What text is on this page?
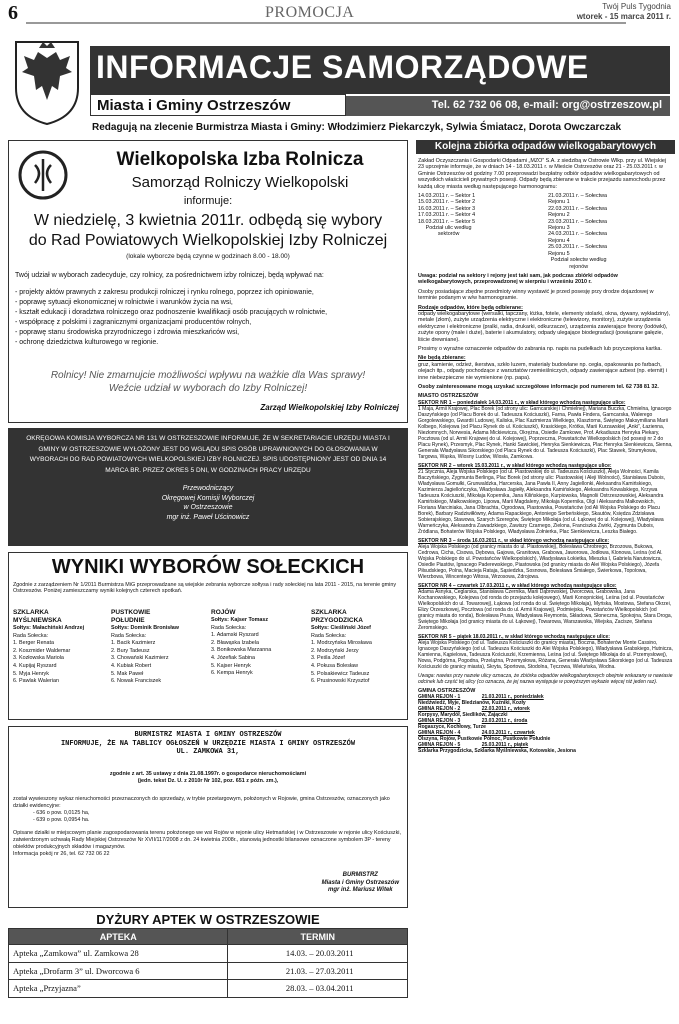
6	PROMOCJA	Twój Puls Tygodnia
wtorek - 15 marca 2011 r.
INFORMACJE SAMORZĄDOWE
Miasta i Gminy Ostrzeszów	Tel. 62 732 06 08, e-mail: org@ostrzeszow.pl
Redagują na zlecenie Burmistrza Miasta i Gminy: Włodzimierz Piekarczyk, Sylwia Śmiatacz, Dorota Owczarczak
Wielkopolska Izba Rolnicza
Samorząd Rolniczy Wielkopolski
informuje:
W niedzielę, 3 kwietnia 2011r. odbędą się wybory
do Rad Powiatowych Wielkopolskiej Izby Rolniczej
(lokale wyborcze będą czynne w godzinach 8.00 - 18.00)
Twój udział w wyborach zadecyduje, czy rolnicy, za pośrednictwem izby rolniczej, będą wpływać na:
- projekty aktów prawnych z zakresu produkcji rolniczej i rynku rolnego, poprzez ich opiniowanie,
- poprawę sytuacji ekonomicznej w rolnictwie i warunków życia na wsi,
- kształt edukacji i doradztwa rolniczego oraz podnoszenie kwalifikacji osób pracujących w rolnictwie,
- współpracę z polskimi i zagranicznymi organizacjami producentów rolnych,
- poprawę stanu środowiska przyrodniczego i zdrowia mieszkańców wsi,
- ochronę dziedzictwa kulturowego w regionie.
Rolnicy! Nie zmarnujcie możliwości wpływu na ważkie dla Was sprawy!
Weźcie udział w wyborach do Izby Rolniczej!
Zarząd Wielkopolskiej Izby Rolniczej
OKRĘGOWA KOMISJA WYBORCZA NR 131 W OSTRZESZOWIE INFORMUJE, ŻE W SEKRETARIACIE URZĘDU MIASTA I GMINY W OSTRZESZOWIE WYŁOŻONY JEST DO WGLĄDU SPIS OSÓB UPRAWNIONYCH DO GŁOSOWANIA W WYBORACH DO RAD POWIATOWYCH WIELKOPOLSKIEJ IZBY ROLNICZEJ. SPIS UDOSTĘPNIONY JEST OD DNIA 14 MARCA BR. PRZEZ OKRES 5 DNI, W GODZINACH PRACY URZĘDU
Przewodniczący
Okręgowej Komisji Wyborczej
w Ostrzeszowie
mgr inż. Paweł Uścinowicz
WYNIKI WYBORÓW SOŁECKICH
Zgodnie z zarządzeniem Nr 1/2011 Burmistrza MiG przeprowadzane są wiejskie zebrania wyborcze sołtysa i rady sołeckiej na lata 2011 - 2015, na terenie gminy Ostrzeszów. Poniżej zamieszczamy wyniki kolejnych czterech spotkań.
SZKLARKA
MYŚLNIEWSKA
Sołtys: Małachiński Andrzej
Rada Sołecka:
1. Berger Renata
2. Koszmider Waldemar
3. Kozłowska Mariola
4. Kupijaj Ryszard
5. Myja Henryk
6. Pawlak Walerian
PUSTKOWIE
POŁUDNIE
Sołtys: Dominik Bronisław
Rada Sołecka:
1. Bacik Kazimierz
2. Bury Tadeusz
3. Chowański Kazimierz
4. Kubiak Robert
5. Mak Paweł
6. Nowak Franciszek
ROJÓW
Sołtys: Kajser Tomasz
Rada Sołecka:
1. Adamski Ryszard
2. Bławąska Izabela
3. Bonikowska Marzanna
4. Józefiak Sabina
5. Kajser Henryk
6. Kempa Henryk
SZKLARKA
PRZYGODZICKA
Sołtys: Cieśliński Józef
Rada Sołecka:
1. Modrzyńska Mirosława
2. Modrzyński Jerzy
3. Peśla Józef
4. Pokusa Bolesław
5. Polsakiewicz Tadeusz
6. Prusinowski Krzysztof
BURMISTRZ MIASTA I GMINY OSTRZESZÓW
INFORMUJE, ŻE NA TABLICY OGŁOSZEŃ W URZĘDZIE MIASTA I GMINY OSTRZESZÓW
UL. ZAMKOWA 31,
zgodnie z art. 35 ustawy z dnia 21.08.1997r. o gospodarce nieruchomościami
(jedn. tekst Dz. U. z 2010r Nr 102, poz. 651 z późn. zm.),
został wywieszony wykaz nieruchomości przeznaczonych do sprzedaży, w trybie przetargowym, położonych w Rojowie, gmina Ostrzeszów, oznaczonych jako działki ewidencyjne:
- 636 o pow. 0,0125 ha,
- 639 o pow. 0,0954 ha.
Opisane działki w miejscowym planie zagospodarowania terenu położonego we wsi Rojów w rejonie ulicy Hetmańskiej i w Ostrzeszowie w rejonie ulicy Kościuszki, zatwierdzonym uchwałą Rady Miejskiej Ostrzeszów Nr XVII/117/2008 z dn. 24 kwietnia 2008r., stanowią jednostki bilansowe oznaczone symbolem 3P - tereny obiektów produkcyjnych składów i magazynów.
Informacja pokój nr 26, tel. 62 732 06 22
BURMISTRZ
Miasta i Gminy Ostrzeszów
mgr inż. Mariusz Witek
DYŻURY APTEK W OSTRZESZOWIE
APTEKA	TERMIN
Apteka „Zamkowa” ul. Zamkowa 28	14.03. – 20.03.2011
Apteka „Drofarm 3” ul. Dworcowa 6	21.03. – 27.03.2011
Apteka „Przyjazna”	28.03. – 03.04.2011
Kolejna zbiórka odpadów wielkogabarytowych

Zakład Oczyszczania i Gospodarki Odpadami „MZO” S.A. z siedzibą w Ostrowie Wlkp. przy ul. Wiejskiej 23 uprzejmie informuje, że w dniach 14 - 18.03.2011 r. w Mieście Ostrzeszów oraz 21 - 25.03.2011 r. w Gminie Ostrzeszów od godziny 7.00 przeprowadzi bezpłatny odbiór odpadów wielkogabarytowych od wszystkich właścicieli prywatnych posesji. Odpady będą zbierane w trakcie przejazdu samochodu przez każdą ulicę miasta według następującego harmonogramu:

14.03.2011 r. – Sektor 1
15.03.2011 r. – Sektor 2
16.03.2011 r. – Sektor 3
17.03.2011 r. – Sektor 4
18.03.2011 r. – Sektor 5
Podział ulic według sektorów
21.03.2011 r. – Sołectwa Rejonu 1
22.03.2011 r. – Sołectwa Rejonu 2
23.03.2011 r. – Sołectwa Rejonu 3
24.03.2011 r. – Sołectwa Rejonu 4
25.03.2011 r. – Sołectwa Rejonu 5
Podział sołectw według rejonów

Uwaga: podział na sektory i rejony jest taki sam, jak podczas zbiórki odpadów wielkogabarytowych, przeprowadzonej w sierpniu i wrześniu 2010 r.

Osoby posiadające zbędne przedmioty winny wystawić je przed posesję przy drodze dojazdowej w terminie podanym w w/w harmonogramie.

Rodzaje odpadów, które będą odbierane:

odpady wielkogabarytowe (wersalki, tapczany, łóżka, fotele, elementy stolarki, okna, dywany, wykładziny), metale (złom), zużyte urządzenia elektryczne i elektroniczne (telewizory, monitory), zużyte urządzenia elektryczne i elektroniczne (pralki, radia, drukarki, odkurzacze), urządzenia zawierające freony (lodówki), zużyte opony (małe i duże), baterie i akumulatory, odpady ulegające biodegradacji (powiązane gałęzie, liście drewniane).

Prosimy o wyraźne oznaczenie odpadów do zabrania np. napis na pudełkach lub przyczepiona kartka.

Nie będą zbierane:

gruz, kamienie, odzież, ikerstwa, szkło luzem, materiały budowlane np. cegła, opakowania po farbach, olejach itp., odpady pochodzące z warsztatów rzemieślniczych, odpady zawierające azbest (np. eternit) i inne niebezpieczne nie wymienione (np. papa).

Osoby zainteresowane mogą uzyskać szczegółowe informacje pod numerem tel. 62 738 81 32.

MIASTO OSTRZESZÓW
SEKTOR NR 1 – poniedziałek 14.03.2011 r., w skład którego wchodzą następujące ulice:

1 Maja, Armii Krajowej, Plac Borek (od strony ulic: Garncarskiej i Chmielnej), Mariana Buczka, Chmielna, Ignacego Daszyńskiego (od Placu Borek do ul. Tadeusza Kościuszki), Farna, Pawła Findera, Garncarska, Walerego Gorgolewskiego, Gwardii Ludowej, Kaliska, Plac Kazimierza Wielkiego, Klasztorna, Świętego Maksymiliana Marii Kolbego, Kolejowa (od Placu Rynek do ul. Kościuszki), Krasickiego, Krótka, Marii Kurzawskiej „Anki”, Łazienna, Niezłomnych, Norwesia, Adama Mickiewicza, Okrężna, Osiedle Zamkowe, Prof. Arkadiusza Henryka Piekary, Pocztowa (od ul. Armii Krajowej do ul. Kolejowej), Poprzeczna, Powstańców Wielkopolskich (od posesji nr 2 do Placu Rynek), Przesmyk, Plac Rynek, Hanki Sawickiej, Henryka Sienkiewicza, Plac Henryka Sienkiewicza, Sienna, Generała Władysława Sikorskiego (od Placu Rynek do ul. Tadeusza Kościuszki), Plac Stawek, Strumykowa, Targowa, Wąska, Wiosny Ludów, Wiosła, Zamkowa.

SEKTOR NR 2 – wtorek 15.03.2011 r., w skład którego wchodzą następujące ulice:

21 Stycznia, Aleja Wojska Polskiego (od ul. Piastowskiej do ul. Tadeusza Kościuszki), Aleja Wolności, Kamila Baczyńskiego, Zygmunta Berlinga, Plac Borek (od strony ulic: Piastowskiej i Aleji Wolności), Stanisława Dubois, Władysława Gomułki, Grunwaldzka, Harcerska, Jana Pawła II, Anny Jagiellonki, Aleksandra Kamińskiego, Kazimierza Jagiellończyka, Władysława Jagiełły, Aleksandra Kamińskiego, Aleksandra Kowalskiego, Krzywa Tadeusza Kościuszki, Mikołaja Kopernika, Jana Kilińskiego, Kurpiowska, Magnolii Ostrzeszowskiej, Aleksandra Kamińskiego, Małkowskiego, Lipowa, Marii Magdaleny, Mikołaja Kopernika, Olgi i Aleksandra Małkowskich, Floriana Marciniaka, Jana Olbrachta, Ogrodowa, Piastowska, Powstańców (od Ali Wojska Polskiego do Placu Borek), Barbary Radziwiłłówny, Adama Rapackiego, Antoniego Serbeńskiego, Skautów, Księdza Zdzisława Sobierajskiego, Stawowa, Szarych Szeregów, Świętego Mikołaja (od ul. Łąkowej do ul. Kolejowej), Władysława Warneńczyka, Aleksandra Zawadzkiego, Zawiszy Czarnego, Zielona, Franciszka Żwirki, Zygmunta Dubois, Źródlana, Bohaterów Wojska Polskiego, Władysława Żołnierka, Plac Sienkiewicza, Leszka Białego.

SEKTOR NR 3 – środa 16.03.2011 r., w skład którego wchodzą następujące ulice:

Aleja Wojska Polskiego (od granicy miasta do ul. Piastowskiej), Bolesława Chrobrego, Brzozowa, Bukowa, Cedrowa, Cicha, Cisowa, Dębowa, Gajowa, Granitowa, Grabowa, Jaworowa, Jodłowa, Klonowa, Leśna (od Al. Wojska Polskiego do ul. Powstańców Wielkopolskich), Władysława Łokietka, Mieszka I, Gabriela Narutowicza, Osiedle Piastów, Ignacego Paderewskiego, Piastowska (od granicy miasta do Alei Wojska Polskiego), Józefa Piłsudskiego, Polna, Macieja Rataja, Sąsiedzka, Sosnowa, Bolesława Śmiałego, Świerkowa, Topolowa, Wierzbowa, Wincentego Witosa, Wrzosowa, Zdrojowa.

SEKTOR NR 4 – czwartek 17.03.2011 r., w skład którego wchodzą następujące ulice:

Adama Asnyka, Ceglarska, Stanisława Czernika, Marii Dąbrowskiej, Dworcowa, Grabowska, Jana Kochanowskiego, Kolejowa (od ronda do przejazdu kolejowego), Marii Konopnickiej, Leśna (od ul. Powstańców Wielkopolskich do ul. Towarowej), Łąkowa (od ronda do ul. Świętego Mikołaja), Myńska, Mostowa, Stefana Okrzei, Elizy Orzeszkowej, Pocztowa (od ronda do ul. Armii Krajowej), Podmiejska, Powstańców Wielkopolskich (od granicy miasta do ronda), Bolesława Prusa, Władysława Reymonta, Składowa, Słoneczna, Spokojna, Stara Droga, Świętego Mikołaja (od granicy miasta do ul. Łąkowej), Towarowa, Warszawska, Wiejska, Zacisze, Stefana Żeromskiego.

SEKTOR NR 5 – piątek 18.03.2011 r., w skład którego wchodzą następujące ulice:

Aleja Wojska Polskiego (od ul. Tadeusza Kościuszki do granicy miasta), Boczna, Bohaterów Monte Cassino, Ignacego Daszyńskiego (od ul. Tadeusza Kościuszki do Alei Wojska Polskiego), Władysława Grabskiego, Hutnicza, Kamienna, Kąpielowa, Tadeusza Kościuszki, Krzemienna, Leśna (od ul. Świętego Mikołaja do ul. Przemysłowej), Nowa, Podgórna, Pogodna, Przelążna, Przemysłowa, Różana, Generała Władysława Sikorskiego (od ul. Tadeusza Kościuszki do granicy miasta), Skryta, Sportowa, Stodolna, Tęczowa, Wieluńska, Wodna.

Uwaga: nawias przy nazwie ulicy oznacza, że zbiórka odpadów wielkogabarytowych obejmie wskazany w nawiasie odcinek lub część tej ulicy (co oznacza, że jej nazwa występuje w powyższym wykazie więcej niż jeden raz).

GMINA OSTRZESZÓW
GMINA REJON - 1	21.03.2011 r., poniedziałek
Niedźwiedź, Myje, Bledzianów, Kuźniki, Kozły
GMINA REJON - 2	22.03.2011 r., wtorek
Korpysy, Marydół, Siedlików, Zajączki
GMINA REJON - 3	23.03.2011 r., środa
Rogaszyce, Kochłowy, Turze
GMINA REJON - 4	24.03.2011 r., czwartek
Olszyna, Rojów, Pustkowie Północ, Pustkowie Południe
GMINA REJON - 5	25.03.2011 r., piątek
Szklarka Przygodzicka, Szklarka Myślniewska, Kotowskie, Jesiona
